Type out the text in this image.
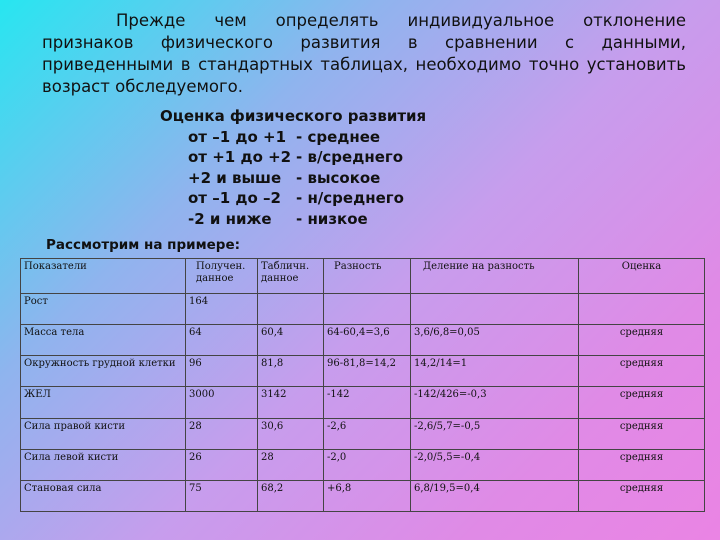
Прежде чем определять индивидуальное отклонение признаков физического развития в сравнении с данными, приведенными в стандартных таблицах, необходимо точно установить возраст обследуемого.
Оценка физического развития
от –1 до +1 - среднее
от +1 до +2 - в/среднего
+2 и выше - высокое
от –1 до –2	- н/среднего
-2 и ниже	- низкое
Рассмотрим на примере:
Показатели	Получен. данное	Табличн. данное	Разность	Деление на разность	Оценка
Рост	164				
Масса тела	64	60,4	64-60,4=3,6	3,6/6,8=0,05	средняя
Окружность грудной клетки	96	81,8	96-81,8=14,2	14,2/14=1	средняя
ЖЕЛ	3000	3142	-142	-142/426=-0,3	средняя
Сила правой кисти	28	30,6	-2,6	-2,6/5,7=-0,5	средняя
Сила левой кисти	26	28	-2,0	-2,0/5,5=-0,4	средняя
Становая сила	75	68,2	+6,8	6,8/19,5=0,4	средняя
